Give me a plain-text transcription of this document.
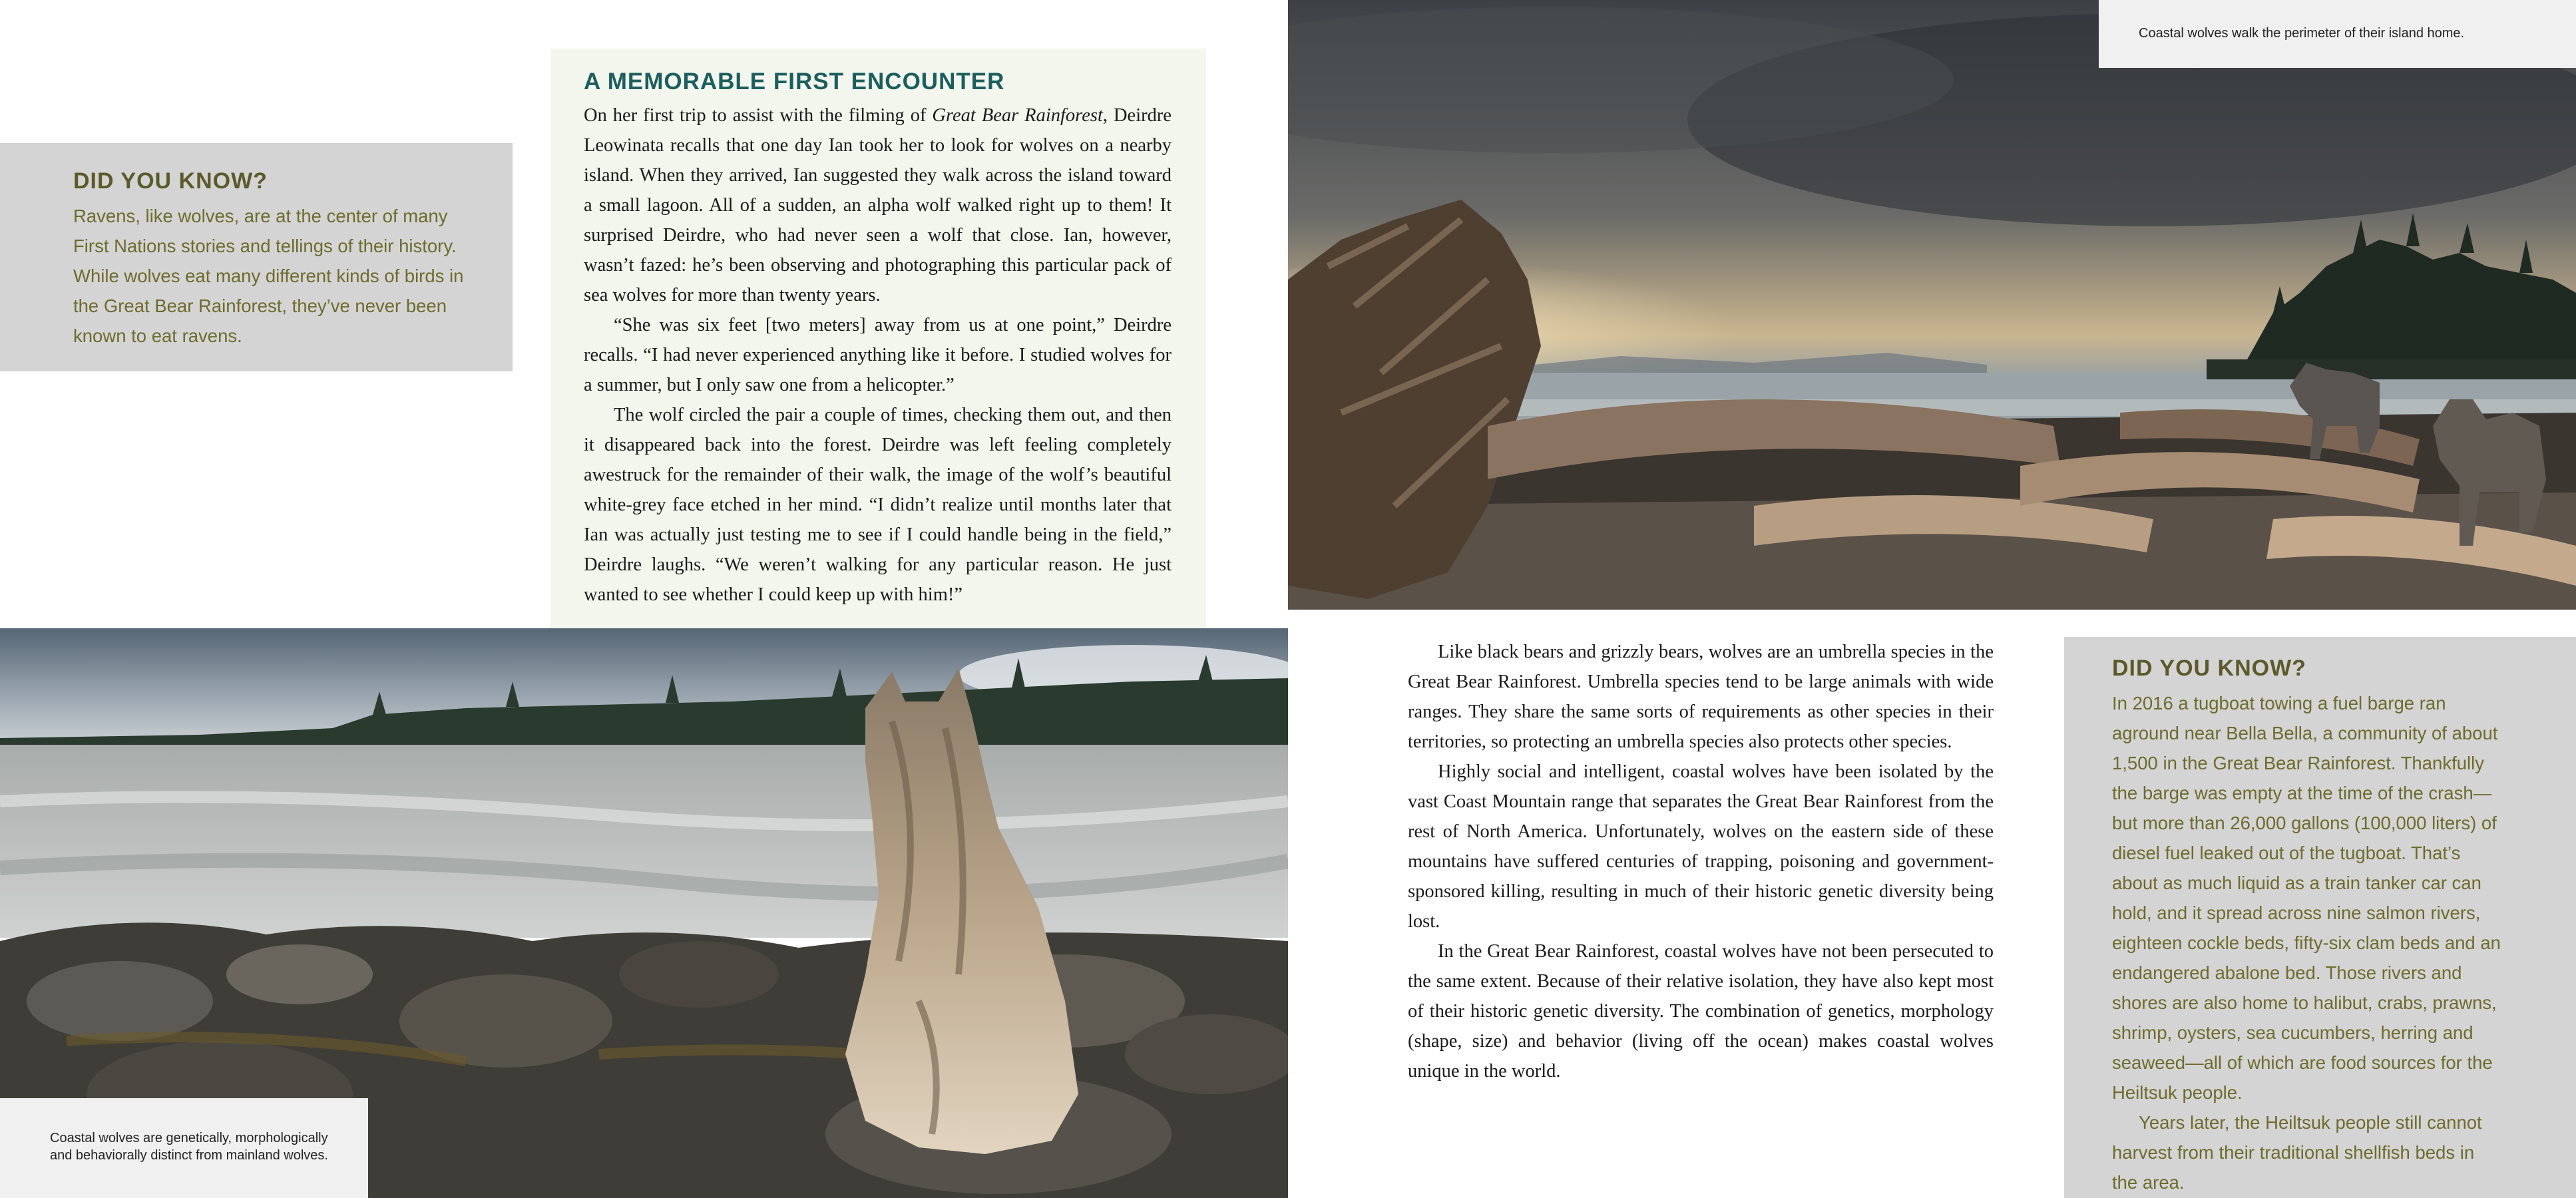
DID YOU KNOW?

Ravens, like wolves, are at the center of many First Nations stories and tellings of their history. While wolves eat many different kinds of birds in the Great Bear Rainforest, they’ve never been known to eat ravens.

A MEMORABLE FIRST ENCOUNTER

On her first trip to assist with the filming of Great Bear Rainforest, Deirdre Leowinata recalls that one day Ian took her to look for wolves on a nearby island. When they arrived, Ian suggested they walk across the island toward a small lagoon. All of a sudden, an alpha wolf walked right up to them! It surprised Deirdre, who had never seen a wolf that close. Ian, however, wasn’t fazed: he’s been observing and photographing this particular pack of sea wolves for more than twenty years.

“She was six feet [two meters] away from us at one point,” Deirdre recalls. “I had never experienced anything like it before. I studied wolves for a summer, but I only saw one from a helicopter.”

The wolf circled the pair a couple of times, checking them out, and then it disappeared back into the forest. Deirdre was left feeling completely awestruck for the remainder of their walk, the image of the wolf’s beautiful white-grey face etched in her mind. “I didn’t realize until months later that Ian was actually just testing me to see if I could handle being in the field,” Deirdre laughs. “We weren’t walking for any particular reason. He just wanted to see whether I could keep up with him!”

Coastal wolves walk the perimeter of their island home.
Coastal wolves are genetically, morphologically and behaviorally distinct from mainland wolves.

Like black bears and grizzly bears, wolves are an umbrella species in the Great Bear Rainforest. Umbrella species tend to be large animals with wide ranges. They share the same sorts of requirements as other species in their territories, so protecting an umbrella species also protects other species.

Highly social and intelligent, coastal wolves have been isolated by the vast Coast Mountain range that separates the Great Bear Rainforest from the rest of North America. Unfortunately, wolves on the eastern side of these mountains have suffered centuries of trapping, poisoning and government-sponsored killing, resulting in much of their historic genetic diversity being lost.

In the Great Bear Rainforest, coastal wolves have not been persecuted to the same extent. Because of their relative isolation, they have also kept most of their historic genetic diversity. The combination of genetics, morphology (shape, size) and behavior (living off the ocean) makes coastal wolves unique in the world.

DID YOU KNOW?

In 2016 a tugboat towing a fuel barge ran aground near Bella Bella, a community of about 1,500 in the Great Bear Rainforest. Thankfully the barge was empty at the time of the crash—but more than 26,000 gallons (100,000 liters) of diesel fuel leaked out of the tugboat. That’s about as much liquid as a train tanker car can hold, and it spread across nine salmon rivers, eighteen cockle beds, fifty-six clam beds and an endangered abalone bed. Those rivers and shores are also home to halibut, crabs, prawns, shrimp, oysters, sea cucumbers, herring and seaweed—all of which are food sources for the Heiltsuk people.

Years later, the Heiltsuk people still cannot harvest from their traditional shellfish beds in the area.
